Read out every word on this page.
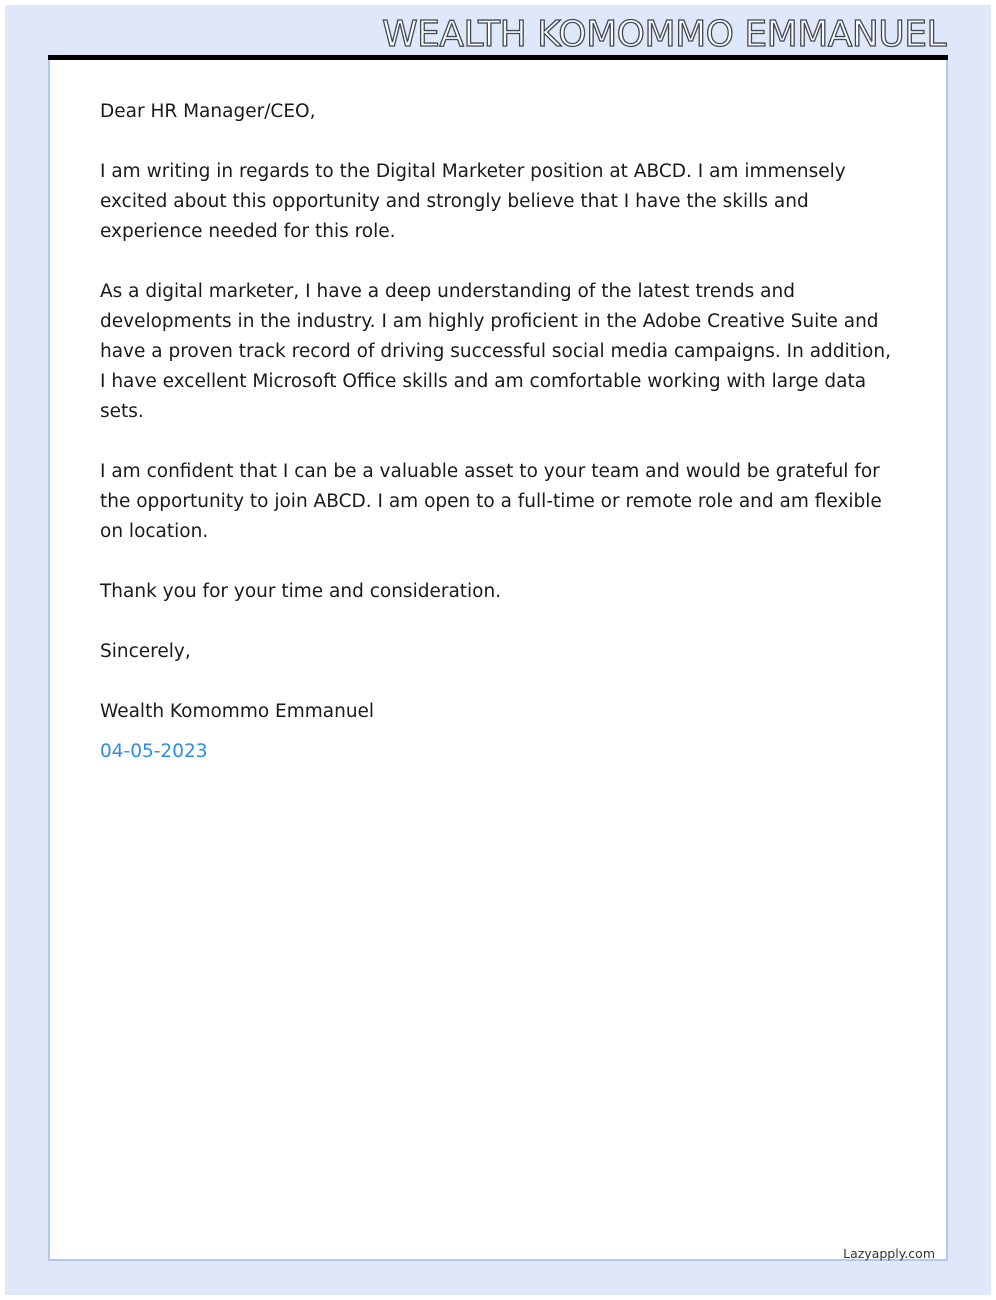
WEALTH KOMOMMO EMMANUEL

Dear HR Manager/CEO,

I am writing in regards to the Digital Marketer position at ABCD. I am immensely excited about this opportunity and strongly believe that I have the skills and experience needed for this role.

As a digital marketer, I have a deep understanding of the latest trends and developments in the industry. I am highly proficient in the Adobe Creative Suite and have a proven track record of driving successful social media campaigns. In addition, I have excellent Microsoft Office skills and am comfortable working with large data sets.

I am confident that I can be a valuable asset to your team and would be grateful for the opportunity to join ABCD. I am open to a full-time or remote role and am flexible on location.

Thank you for your time and consideration.

Sincerely,

Wealth Komommo Emmanuel

04-05-2023

Lazyapply.com
